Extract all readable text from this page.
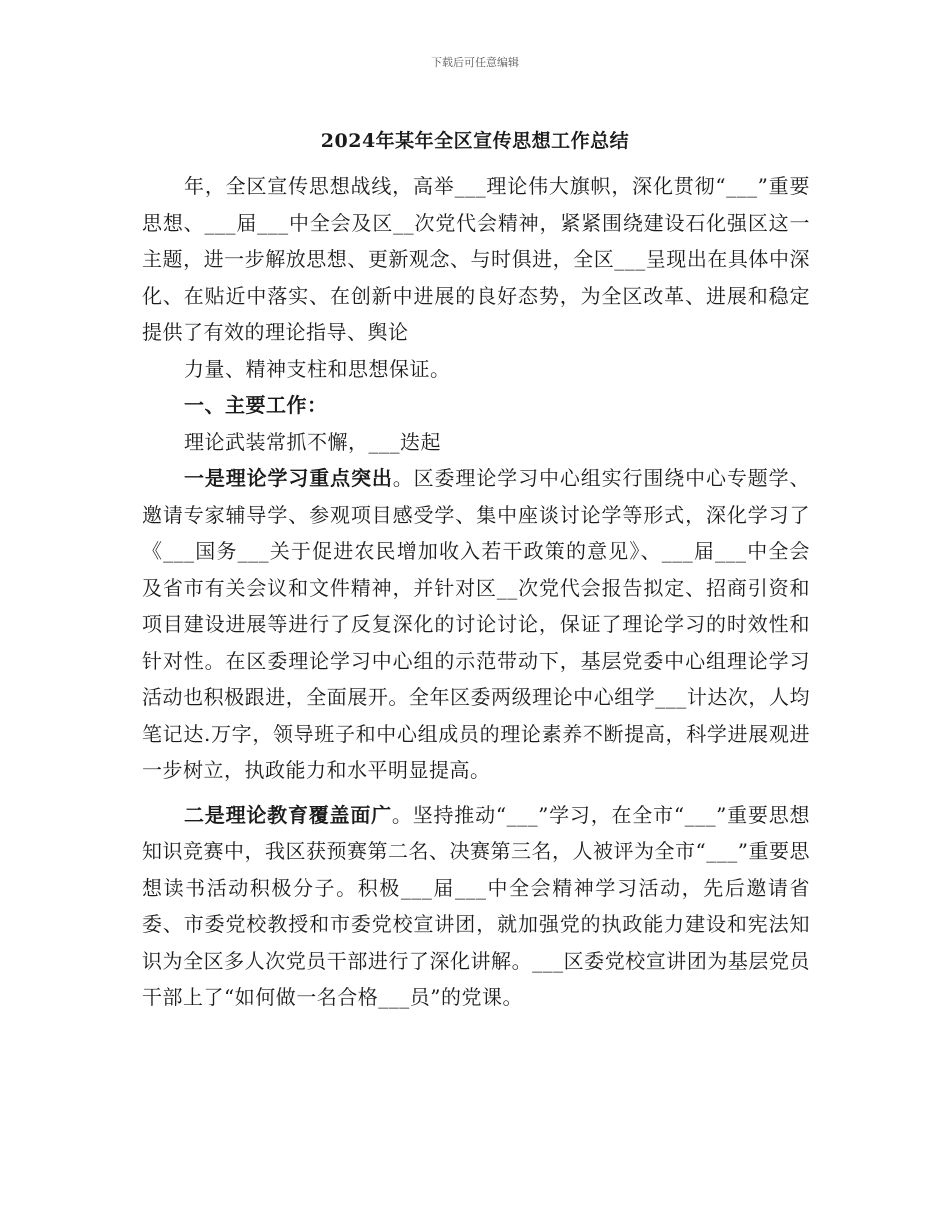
下载后可任意编辑
2024年某年全区宣传思想工作总结

年，全区宣传思想战线，高举___理论伟大旗帜，深化贯彻“___”重要思想、___届___中全会及区__次党代会精神，紧紧围绕建设石化强区这一主题，进一步解放思想、更新观念、与时俱进，全区___呈现出在具体中深化、在贴近中落实、在创新中进展的良好态势，为全区改革、进展和稳定提供了有效的理论指导、舆论

力量、精神支柱和思想保证。

一、主要工作：

理论武装常抓不懈，___迭起

一是理论学习重点突出。区委理论学习中心组实行围绕中心专题学、邀请专家辅导学、参观项目感受学、集中座谈讨论学等形式，深化学习了《___国务___关于促进农民增加收入若干政策的意见》、___届___中全会及省市有关会议和文件精神，并针对区__次党代会报告拟定、招商引资和项目建设进展等进行了反复深化的讨论讨论，保证了理论学习的时效性和针对性。在区委理论学习中心组的示范带动下，基层党委中心组理论学习活动也积极跟进，全面展开。全年区委两级理论中心组学___计达次，人均笔记达.万字，领导班子和中心组成员的理论素养不断提高，科学进展观进一步树立，执政能力和水平明显提高。

二是理论教育覆盖面广。坚持推动“___”学习，在全市“___”重要思想知识竞赛中，我区获预赛第二名、决赛第三名，人被评为全市“___”重要思想读书活动积极分子。积极___届___中全会精神学习活动，先后邀请省委、市委党校教授和市委党校宣讲团，就加强党的执政能力建设和宪法知识为全区多人次党员干部进行了深化讲解。___区委党校宣讲团为基层党员干部上了“如何做一名合格___员”的党课。
